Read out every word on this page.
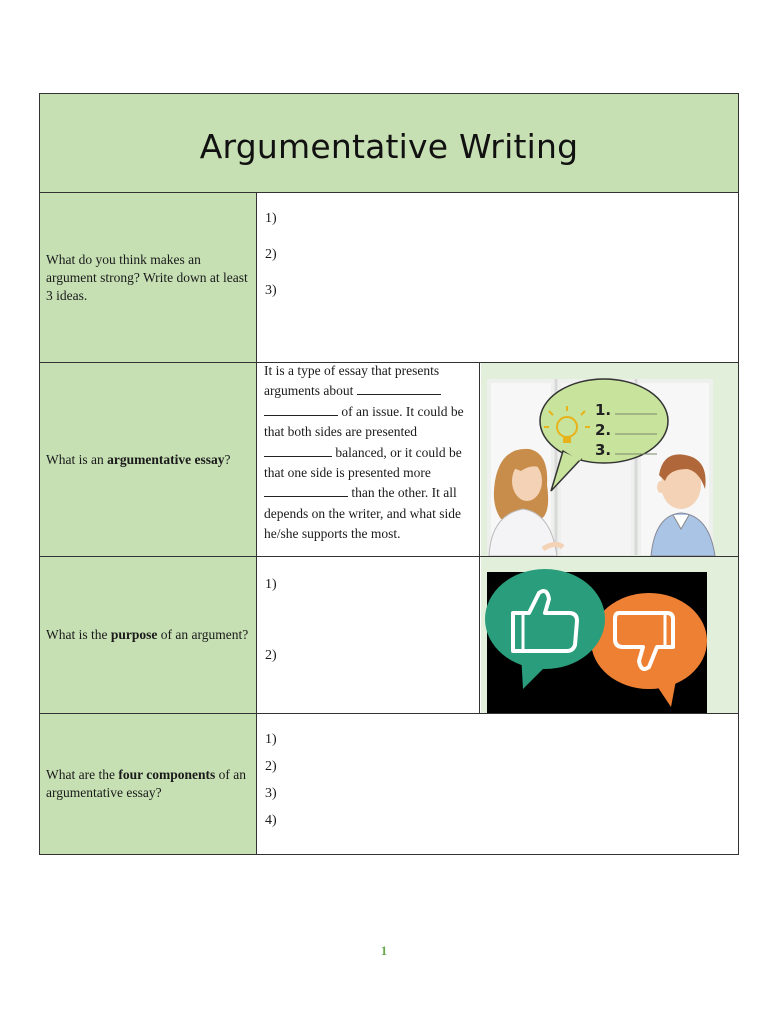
Argumentative Writing
What do you think makes an argument strong? Write down at least 3 ideas.
1)
2)
3)
What is an argumentative essay?
It is a type of essay that presents arguments about   of an issue. It could be that both sides are presented  balanced, or it could be that one side is presented more  than the other. It all depends on the writer, and what side he/she supports the most.
1.
2.
3.
What is the purpose of an argument?
1)
2)
What are the four components of an argumentative essay?
1)
2)
3)
4)
1
